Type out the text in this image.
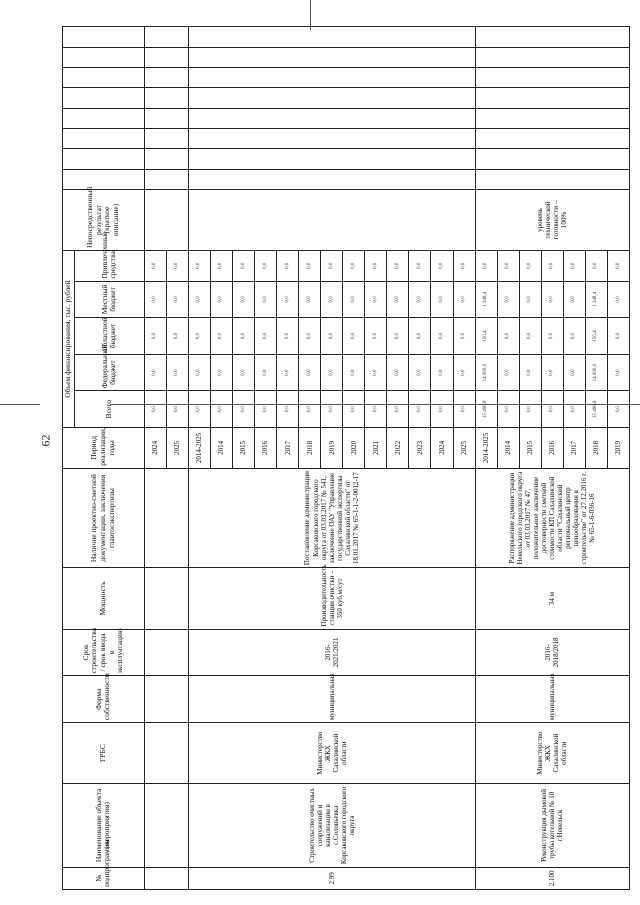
62
№ подпрограммы	Наименование объекта (мероприятия)	ГРБС	Форма собственности	Срок строительства / срок ввода в эксплуатацию	Мощность	Наличие проектно-сметной документации, заключения главгосэкспертизы	Период реализации, годы	Объем финансирования, тыс. рублей					Непосредственный результат (краткое описание)								
								Всего	Федеральный бюджет	Областной бюджет	Местный бюджет	Привлеченные средства									
							2024	0,0	0,0	0,0	0,0	0,0									
							2025	0,0	0,0	0,0	0,0	0,0									
2.99	Строительство очистных сооружений и канализации в с.Соловьевка Корсаковского городского округа	Министерство ЖКХ Сахалинской области	муниципальная	2016-2021/2021	Производительность станции очистки - 350 куб.м/сут	Постановление администрации Корсаковского городского округа от 03.03.2017 № 541, заключение ОАУ "Управление государственной экспертизы Сахалинской области" от 18.01.2017 № 65-1-1-2-0012-17	2014-2025	0,0	0,0	0,0	0,0	0,0									
							2014	0,0	0,0	0,0	0,0	0,0									
							2015	0,0	0,0	0,0	0,0	0,0									
							2016	0,0	0,0	0,0	0,0	0,0									
							2017	0,0	0,0	0,0	0,0	0,0									
							2018	0,0	0,0	0,0	0,0	0,0									
							2019	0,0	0,0	0,0	0,0	0,0									
							2020	0,0	0,0	0,0	0,0	0,0									
							2021	0,0	0,0	0,0	0,0	0,0									
							2022	0,0	0,0	0,0	0,0	0,0									
							2023	0,0	0,0	0,0	0,0	0,0									
							2024	0,0	0,0	0,0	0,0	0,0									
							2025	0,0	0,0	0,0	0,0	0,0									
2.100	Реконструкция дымовой трубы котельной № 10 г.Невельск	Министерство ЖКХ Сахалинской области	муниципальная	2016-2018/2018	34 м	Распоряжение администрации Невельского городского округа от 03.03.2017 № 47, положительное заключение достоверности сметной стоимости КП Сахалинской области "Сахалинский региональный центр ценообразования в строительстве" от 27.12.2016 г. № 65-1-6-036-16	2014-2025	15 498,8	14 000,0	150,4	1 348,4	0,0	уровень технической готовности – 100%								
							2014	0,0	0,0	0,0	0,0	0,0									
							2015	0,0	0,0	0,0	0,0	0,0									
							2016	0,0	0,0	0,0	0,0	0,0									
							2017	0,0	0,0	0,0	0,0	0,0									
							2018	15 498,8	14 000,0	150,4	1 348,4	0,0									
							2019	0,0	0,0	0,0	0,0	0,0									
